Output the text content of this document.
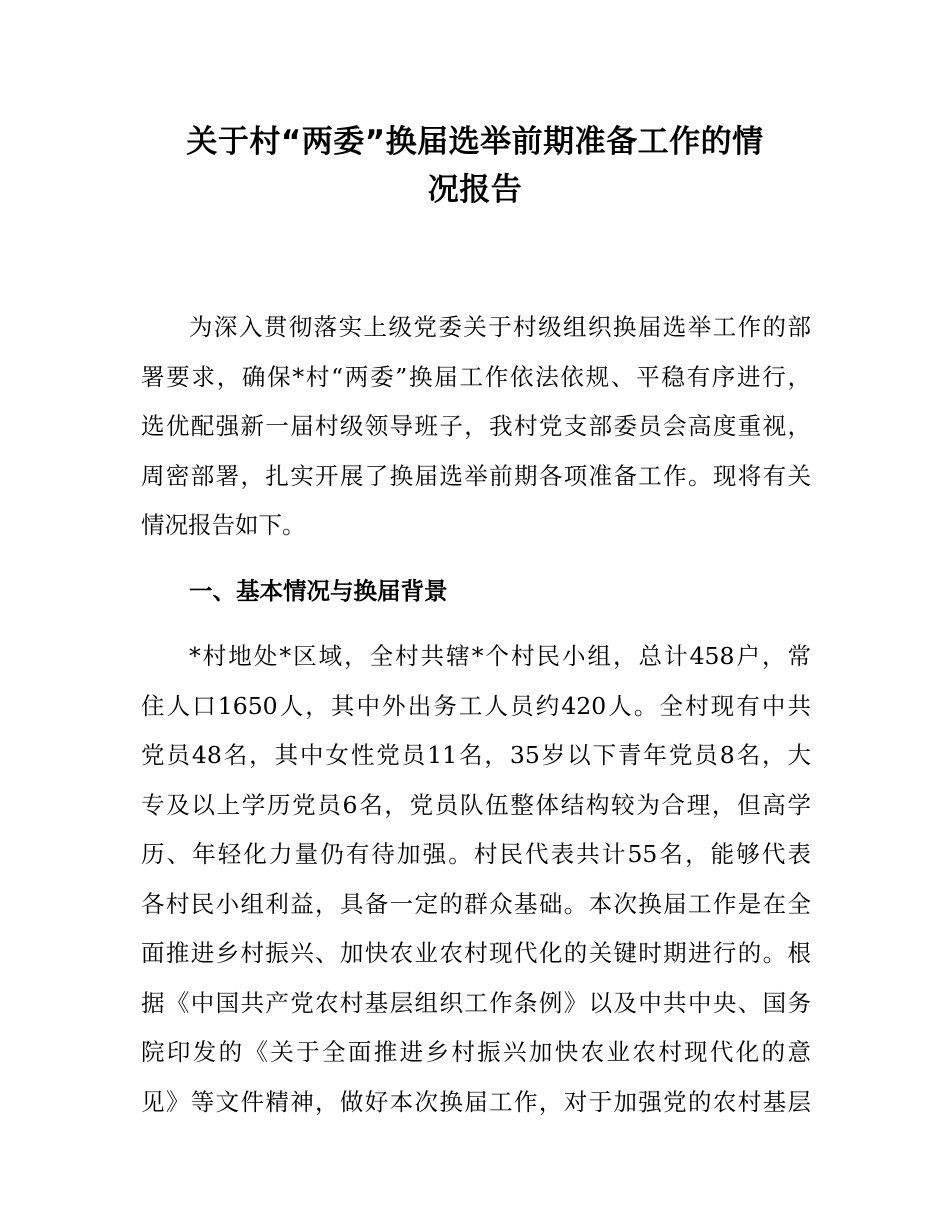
关于村“两委”换届选举前期准备工作的情
况报告
为深入贯彻落实上级党委关于村级组织换届选举工作的部
署要求，确保*村“两委”换届工作依法依规、平稳有序进行，
选优配强新一届村级领导班子，我村党支部委员会高度重视，
周密部署，扎实开展了换届选举前期各项准备工作。现将有关
情况报告如下。
一、基本情况与换届背景
*村地处*区域，全村共辖*个村民小组，总计458户，常
住人口1650人，其中外出务工人员约420人。全村现有中共
党员48名，其中女性党员11名，35岁以下青年党员8名，大
专及以上学历党员6名，党员队伍整体结构较为合理，但高学
历、年轻化力量仍有待加强。村民代表共计55名，能够代表
各村民小组利益，具备一定的群众基础。本次换届工作是在全
面推进乡村振兴、加快农业农村现代化的关键时期进行的。根
据《中国共产党农村基层组织工作条例》以及中共中央、国务
院印发的《关于全面推进乡村振兴加快农业农村现代化的意
见》等文件精神，做好本次换届工作，对于加强党的农村基层
